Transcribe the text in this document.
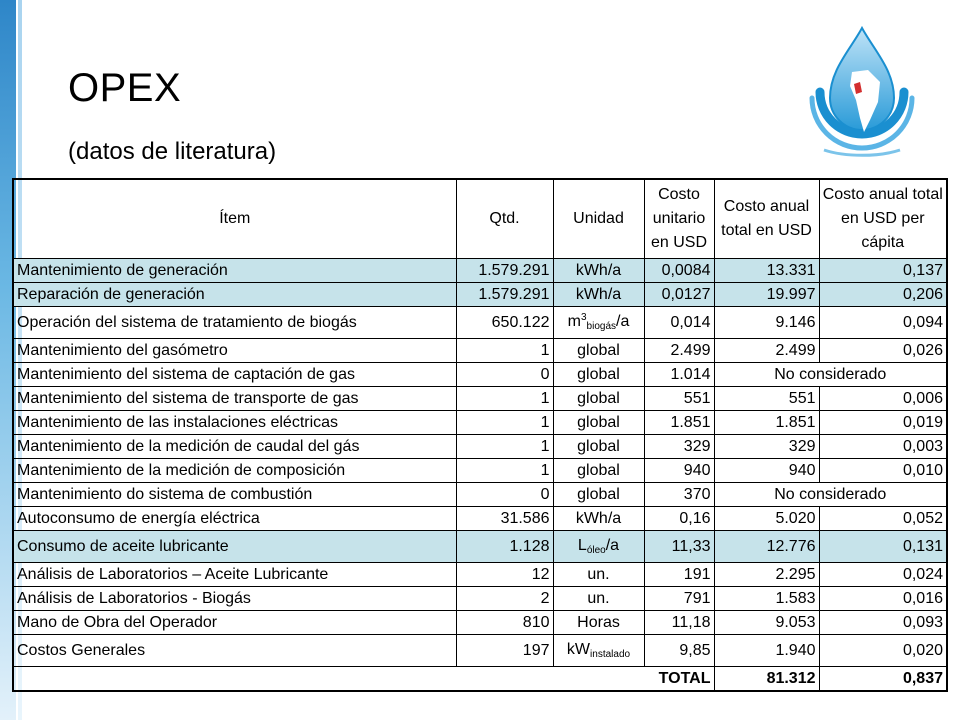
OPEX
(datos de literatura)
Ítem	Qtd.	Unidad	Costo unitario en USD	Costo anual total en USD	Costo anual total en USD per cápita
Mantenimiento de generación	1.579.291	kWh/a	0,0084	13.331	0,137
Reparación de generación	1.579.291	kWh/a	0,0127	19.997	0,206
Operación del sistema de tratamiento de biogás	650.122	$m^3_{biogás}/a$	0,014	9.146	0,094
Mantenimiento del gasómetro	1	global	2.499	2.499	0,026
Mantenimiento del sistema de captación de gas	0	global	1.014	No considerado	
Mantenimiento del sistema de transporte de gas	1	global	551	551	0,006
Mantenimiento de las instalaciones eléctricas	1	global	1.851	1.851	0,019
Mantenimiento de la medición de caudal del gás	1	global	329	329	0,003
Mantenimiento de la medición de composición	1	global	940	940	0,010
Mantenimiento do sistema de combustión	0	global	370	No considerado	
Autoconsumo de energía eléctrica	31.586	kWh/a	0,16	5.020	0,052
Consumo de aceite lubricante	1.128	$L_{óleo}/a$	11,33	12.776	0,131
Análisis de Laboratorios – Aceite Lubricante	12	un.	191	2.295	0,024
Análisis de Laboratorios - Biogás	2	un.	791	1.583	0,016
Mano de Obra del Operador	810	Horas	11,18	9.053	0,093
Costos Generales	197	$kW_{instalado}$	9,85	1.940	0,020
TOTAL				81.312	0,837
